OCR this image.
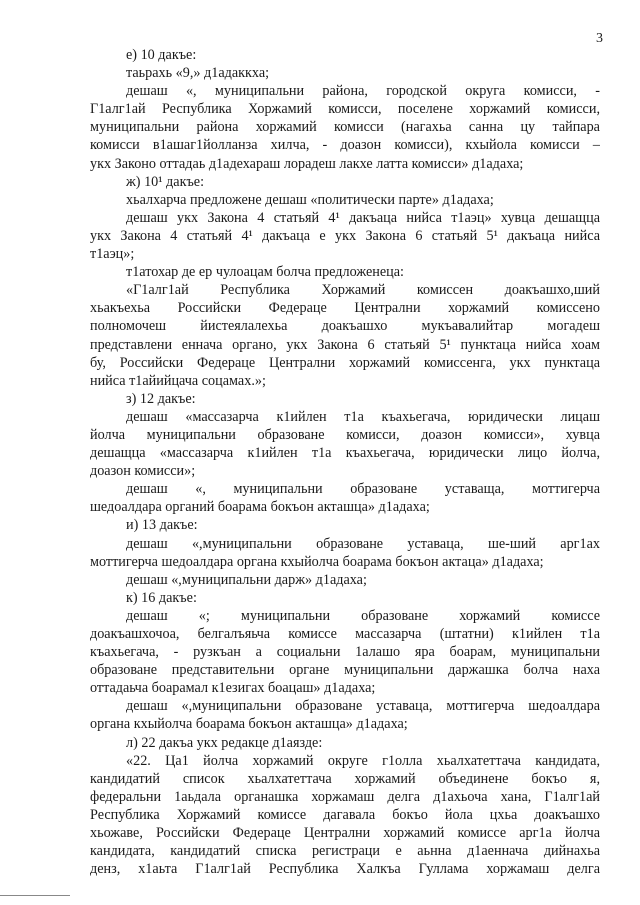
3
е) 10 дакъе:
таьрахь «9,» д1адаккха;
дешаш «, муниципальни района, городской округа комисси, -
Г1алг1ай Республика Хоржамий комисси, поселене хоржамий комисси,
муниципальни района хоржамий комисси (нагахьа санна цу тайпара
комисси в1ашаг1йолланза хилча, - доазон комисси), кхыйола комисси –
укх Законо оттадаь д1адехараш лорадеш лакхе латта комисси» д1адаха;
ж) 10¹ дакъе:
хьалхарча предложене дешаш «политически парте» д1адаха;
дешаш укх Закона 4 статьяй 4¹ дакъаца нийса т1аэц» хувца дешащца
укх Закона 4 статьяй 4¹ дакъаца е укх Закона 6 статьяй 5¹ дакъаца нийса
т1аэц»;
т1атохар де ер чулоацам болча предложенеца:
«Г1алг1ай Республика Хоржамий комиссен доакъашхо,ший
хьакъехьа Российски Федераце Централни хоржамий комиссено
полномочеш йистеялалехьа доакъашхо мукъавалийтар могадеш
представлени еннача органо, укх Закона 6 статьяй 5¹ пунктаца нийса хоам
бу, Российски Федераце Централни хоржамий комиссенга, укх пунктаца
нийса т1айийцача соцамах.»;
з) 12 дакъе:
дешаш «массазарча к1ийлен т1а къахьегача, юридически лицаш
йолча муниципальни образоване комисси, доазон комисси», хувца
дешащца «массазарча к1ийлен т1а къахьегача, юридически лицо йолча,
доазон комисси»;
дешаш «, муниципальни образоване уставаща, моттигерча
шедоалдара органий боарама бокъон акташца» д1адаха;
и) 13 дакъе:
дешаш «,муниципальни образоване уставаца, ше-ший арг1ах
моттигерча шедоалдара органа кхыйолча боарама бокъон актаца» д1адаха;
дешаш «,муниципальни дарж» д1адаха;
к) 16 дакъе:
дешаш «; муниципальни образоване хоржамий комиссе
доакъашхочоа, белгалъяьча комиссе массазарча (штатни) к1ийлен т1а
къахьегача, - рузкъан а социальни 1алашо яра боарам, муниципальни
образоване представительни органе муниципальни даржашка болча наха
оттадаьча боарамал к1езигах боацаш» д1адаха;
дешаш «,муниципальни образоване уставаца, моттигерча шедоалдара
органа кхыйолча боарама бокъон акташца» д1адаха;
л) 22 дакъа укх редакце д1аязде:
«22. Ца1 йолча хоржамий округе г1олла хьалхатеттача кандидата,
кандидатий список хьалхатеттача хоржамий объединене бокъо я,
федеральни 1аьдала органашка хоржамаш делга д1ахьоча хана, Г1алг1ай
Республика Хоржамий комиссе дагавала бокъо йола цхьа доакъашхо
хьожаве, Российски Федераце Централни хоржамий комиссе арг1а йолча
кандидата, кандидатий списка регистраци е аьнна д1аеннача дийнахьа
денз, х1аьта Г1алг1ай Республика Халкъа Гуллама хоржамаш делга
